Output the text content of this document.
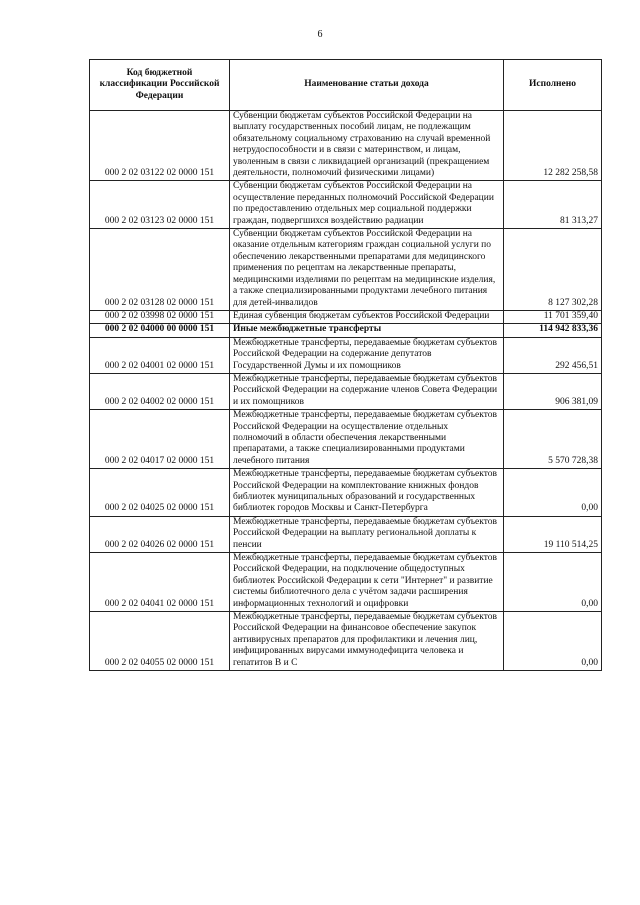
6
Код бюджетной классификации Российской Федерации	Наименование статьи дохода	Исполнено
000 2 02 03122 02 0000 151	Субвенции бюджетам субъектов Российской Федерации на выплату государственных пособий лицам, не подлежащим обязательному социальному страхованию на случай временной нетрудоспособности и в связи с материнством, и лицам, уволенным в связи с ликвидацией организаций (прекращением деятельности, полномочий физическими лицами)	12 282 258,58
000 2 02 03123 02 0000 151	Субвенции бюджетам субъектов Российской Федерации на осуществление переданных полномочий Российской Федерации по предоставлению отдельных мер социальной поддержки граждан, подвергшихся воздействию радиации	81 313,27
000 2 02 03128 02 0000 151	Субвенции бюджетам субъектов Российской Федерации на оказание отдельным категориям граждан социальной услуги по обеспечению лекарственными препаратами для медицинского применения по рецептам на лекарственные препараты, медицинскими изделиями по рецептам на медицинские изделия, а также специализированными продуктами лечебного питания для детей-инвалидов	8 127 302,28
000 2 02 03998 02 0000 151	Единая субвенция бюджетам субъектов Российской Федерации	11 701 359,40
000 2 02 04000 00 0000 151	Иные межбюджетные трансферты	114 942 833,36
000 2 02 04001 02 0000 151	Межбюджетные трансферты, передаваемые бюджетам субъектов Российской Федерации на содержание депутатов Государственной Думы и их помощников	292 456,51
000 2 02 04002 02 0000 151	Межбюджетные трансферты, передаваемые бюджетам субъектов Российской Федерации на содержание членов Совета Федерации и их помощников	906 381,09
000 2 02 04017 02 0000 151	Межбюджетные трансферты, передаваемые бюджетам субъектов Российской Федерации на осуществление отдельных полномочий в области обеспечения лекарственными препаратами, а также специализированными продуктами лечебного питания	5 570 728,38
000 2 02 04025 02 0000 151	Межбюджетные трансферты, передаваемые бюджетам субъектов Российской Федерации на комплектование книжных фондов библиотек муниципальных образований и государственных библиотек городов Москвы и Санкт-Петербурга	0,00
000 2 02 04026 02 0000 151	Межбюджетные трансферты, передаваемые бюджетам субъектов Российской Федерации на выплату региональной доплаты к пенсии	19 110 514,25
000 2 02 04041 02 0000 151	Межбюджетные трансферты, передаваемые бюджетам субъектов Российской Федерации, на подключение общедоступных библиотек Российской Федерации к сети "Интернет" и развитие системы библиотечного дела с учётом задачи расширения информационных технологий и оцифровки	0,00
000 2 02 04055 02 0000 151	Межбюджетные трансферты, передаваемые бюджетам субъектов Российской Федерации на финансовое обеспечение закупок антивирусных препаратов для профилактики и лечения лиц, инфицированных вирусами иммунодефицита человека и гепатитов B и C	0,00
